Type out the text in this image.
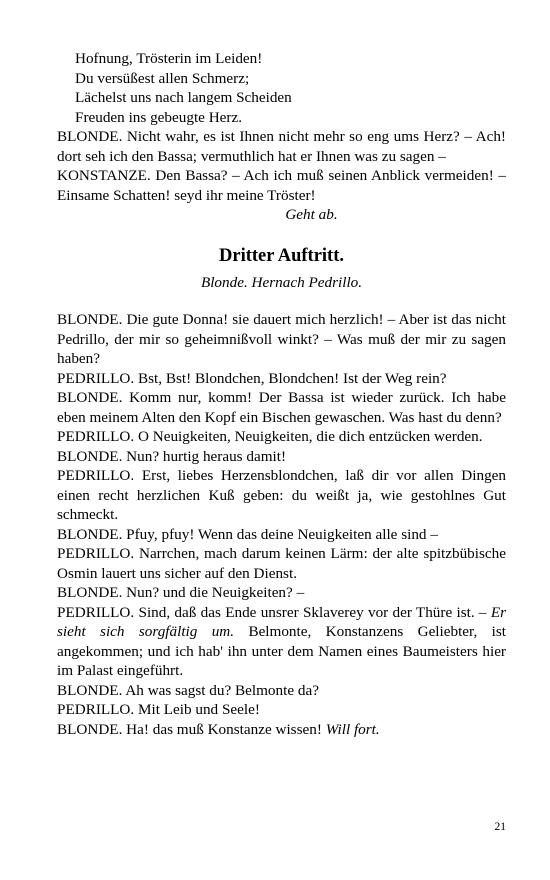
Hofnung, Trösterin im Leiden!
Du versüßest allen Schmerz;
Lächelst uns nach langem Scheiden
Freuden ins gebeugte Herz.

BLONDE. Nicht wahr, es ist Ihnen nicht mehr so eng ums Herz? – Ach! dort seh ich den Bassa; vermuthlich hat er Ihnen was zu sagen –

KONSTANZE. Den Bassa? – Ach ich muß seinen Anblick vermeiden! – Einsame Schatten! seyd ihr meine Tröster!

Geht ab.
Dritter Auftritt.
Blonde. Hernach Pedrillo.

BLONDE. Die gute Donna! sie dauert mich herzlich! – Aber ist das nicht Pedrillo, der mir so geheimnißvoll winkt? – Was muß der mir zu sagen haben?

PEDRILLO. Bst, Bst! Blondchen, Blondchen! Ist der Weg rein?

BLONDE. Komm nur, komm! Der Bassa ist wieder zurück. Ich habe eben meinem Alten den Kopf ein Bischen gewaschen. Was hast du denn?

PEDRILLO. O Neuigkeiten, Neuigkeiten, die dich entzücken werden.

BLONDE. Nun? hurtig heraus damit!

PEDRILLO. Erst, liebes Herzensblondchen, laß dir vor allen Dingen einen recht herzlichen Kuß geben: du weißt ja, wie gestohlnes Gut schmeckt.

BLONDE. Pfuy, pfuy! Wenn das deine Neuigkeiten alle sind –

PEDRILLO. Narrchen, mach darum keinen Lärm: der alte spitzbübische Osmin lauert uns sicher auf den Dienst.

BLONDE. Nun? und die Neuigkeiten? –

PEDRILLO. Sind, daß das Ende unsrer Sklaverey vor der Thüre ist. – Er sieht sich sorgfältig um. Belmonte, Konstanzens Geliebter, ist angekommen; und ich hab' ihn unter dem Namen eines Baumeisters hier im Palast eingeführt.

BLONDE. Ah was sagst du? Belmonte da?

PEDRILLO. Mit Leib und Seele!

BLONDE. Ha! das muß Konstanze wissen! Will fort.

21
